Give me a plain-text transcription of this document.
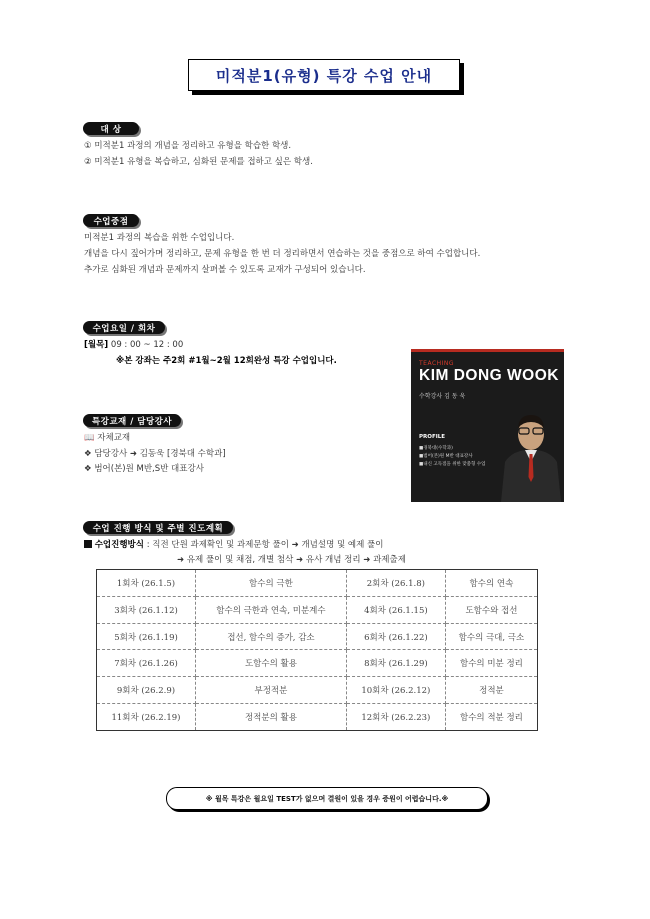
미적분1(유형) 특강 수업 안내
대 상
① 미적분1 과정의 개념을 정리하고 유형을 학습한 학생.
② 미적분1 유형을 복습하고, 심화된 문제를 접하고 싶은 학생.
수업중점
미적분1 과정의 복습을 위한 수업입니다.
개념을 다시 짚어가며 정리하고, 문제 유형을 한 번 더 정리하면서 연습하는 것을 중점으로 하여 수업합니다.
추가로 심화된 개념과 문제까지 살펴볼 수 있도록 교재가 구성되어 있습니다.
수업요일 / 회차
[월목] 09 : 00 ~ 12 : 00
※본 강좌는 주2회 #1월~2월 12회완성 특강 수업입니다.
특강교재 / 담당강사
📖 자체교재
❖ 담당강사 ➜ 김동욱 [경북대 수학과]
❖ 범어(본)원 M반,S반 대표강사
TEACHING
KIM DONG WOOK
수학강사 김 동 욱
PROFILE
■경북대(수학과)
■범어(본)원 M반 대표강사
■내신 고득점을 위한 맞춤형 수업
수업 진행 방식 및 주별 진도계획
수업진행방식 : 직전 단원 과제확인 및 과제문항 풀이 ➜ 개념설명 및 예제 풀이
➜ 유제 풀이 및 채점, 개별 첨삭 ➜ 유사 개념 정리 ➜ 과제출제
1회차 (26.1.5)	함수의 극한	2회차 (26.1.8)	함수의 연속
3회차 (26.1.12)	함수의 극한과 연속, 미분계수	4회차 (26.1.15)	도함수와 접선
5회차 (26.1.19)	접선, 함수의 증가, 감소	6회차 (26.1.22)	함수의 극대, 극소
7회차 (26.1.26)	도함수의 활용	8회차 (26.1.29)	함수의 미분 정리
9회차 (26.2.9)	부정적분	10회차 (26.2.12)	정적분
11회차 (26.2.19)	정적분의 활용	12회차 (26.2.23)	함수의 적분 정리
※ 월목 특강은 월요일 TEST가 없으며 결원이 있을 경우 증원이 어렵습니다.※
